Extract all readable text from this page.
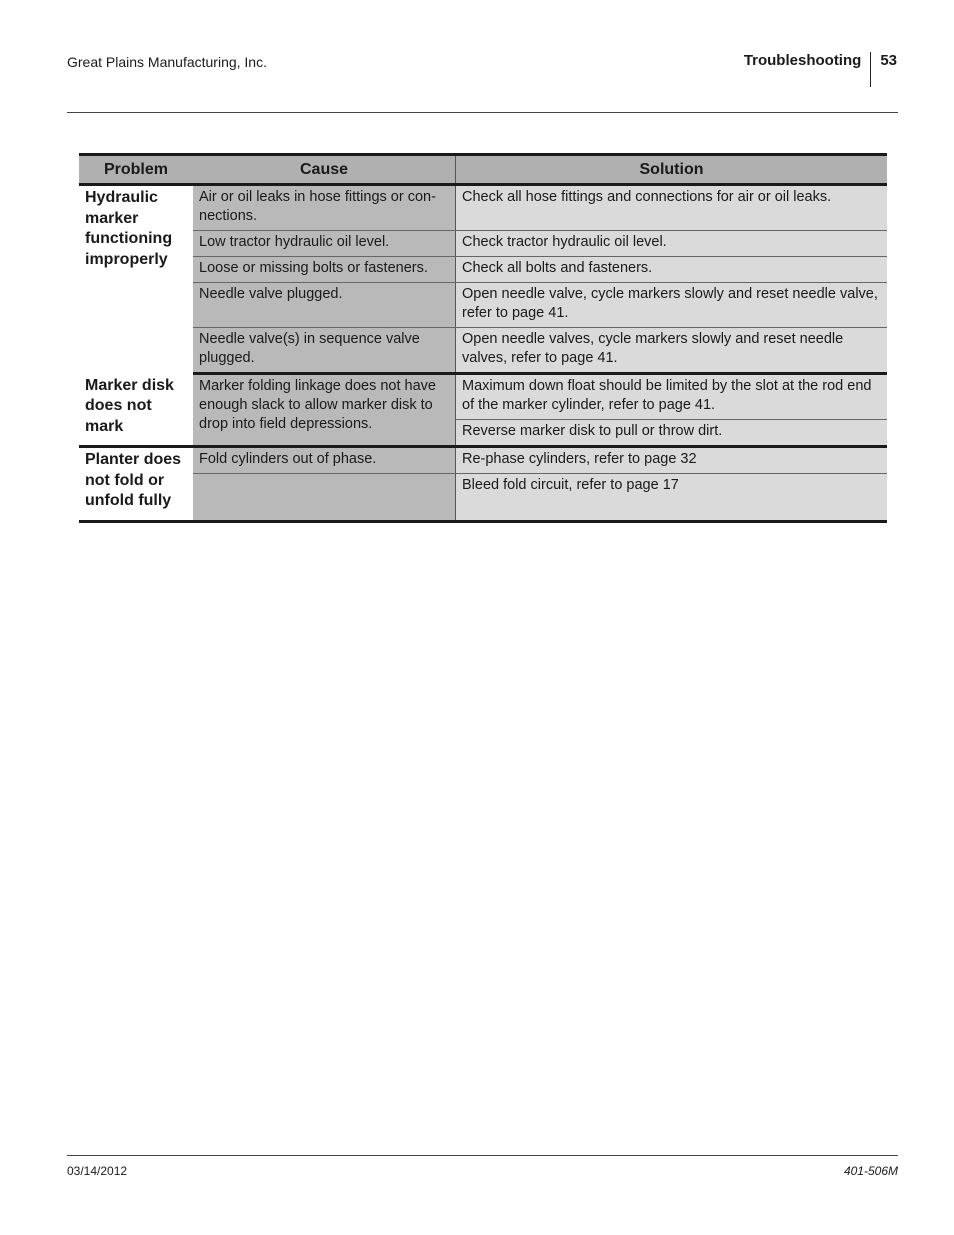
Great Plains Manufacturing, Inc.	Troubleshooting	53
Problem	Cause	Solution
Hydraulic marker functioning improperly	Air or oil leaks in hose fittings or con-nections.	Check all hose fittings and connections for air or oil leaks.
	Low tractor hydraulic oil level.	Check tractor hydraulic oil level.
	Loose or missing bolts or fasteners.	Check all bolts and fasteners.
	Needle valve plugged.	Open needle valve, cycle markers slowly and reset needle valve, refer to page 41.
	Needle valve(s) in sequence valve plugged.	Open needle valves, cycle markers slowly and reset needle valves, refer to page 41.
Marker disk does not mark	Marker folding linkage does not have enough slack to allow marker disk to drop into field depressions.	Maximum down float should be limited by the slot at the rod end of the marker cylinder, refer to page 41.
		Reverse marker disk to pull or throw dirt.
Planter does not fold or unfold fully	Fold cylinders out of phase.	Re-phase cylinders, refer to page 32
		Bleed fold circuit, refer to page 17
03/14/2012	401-506M
